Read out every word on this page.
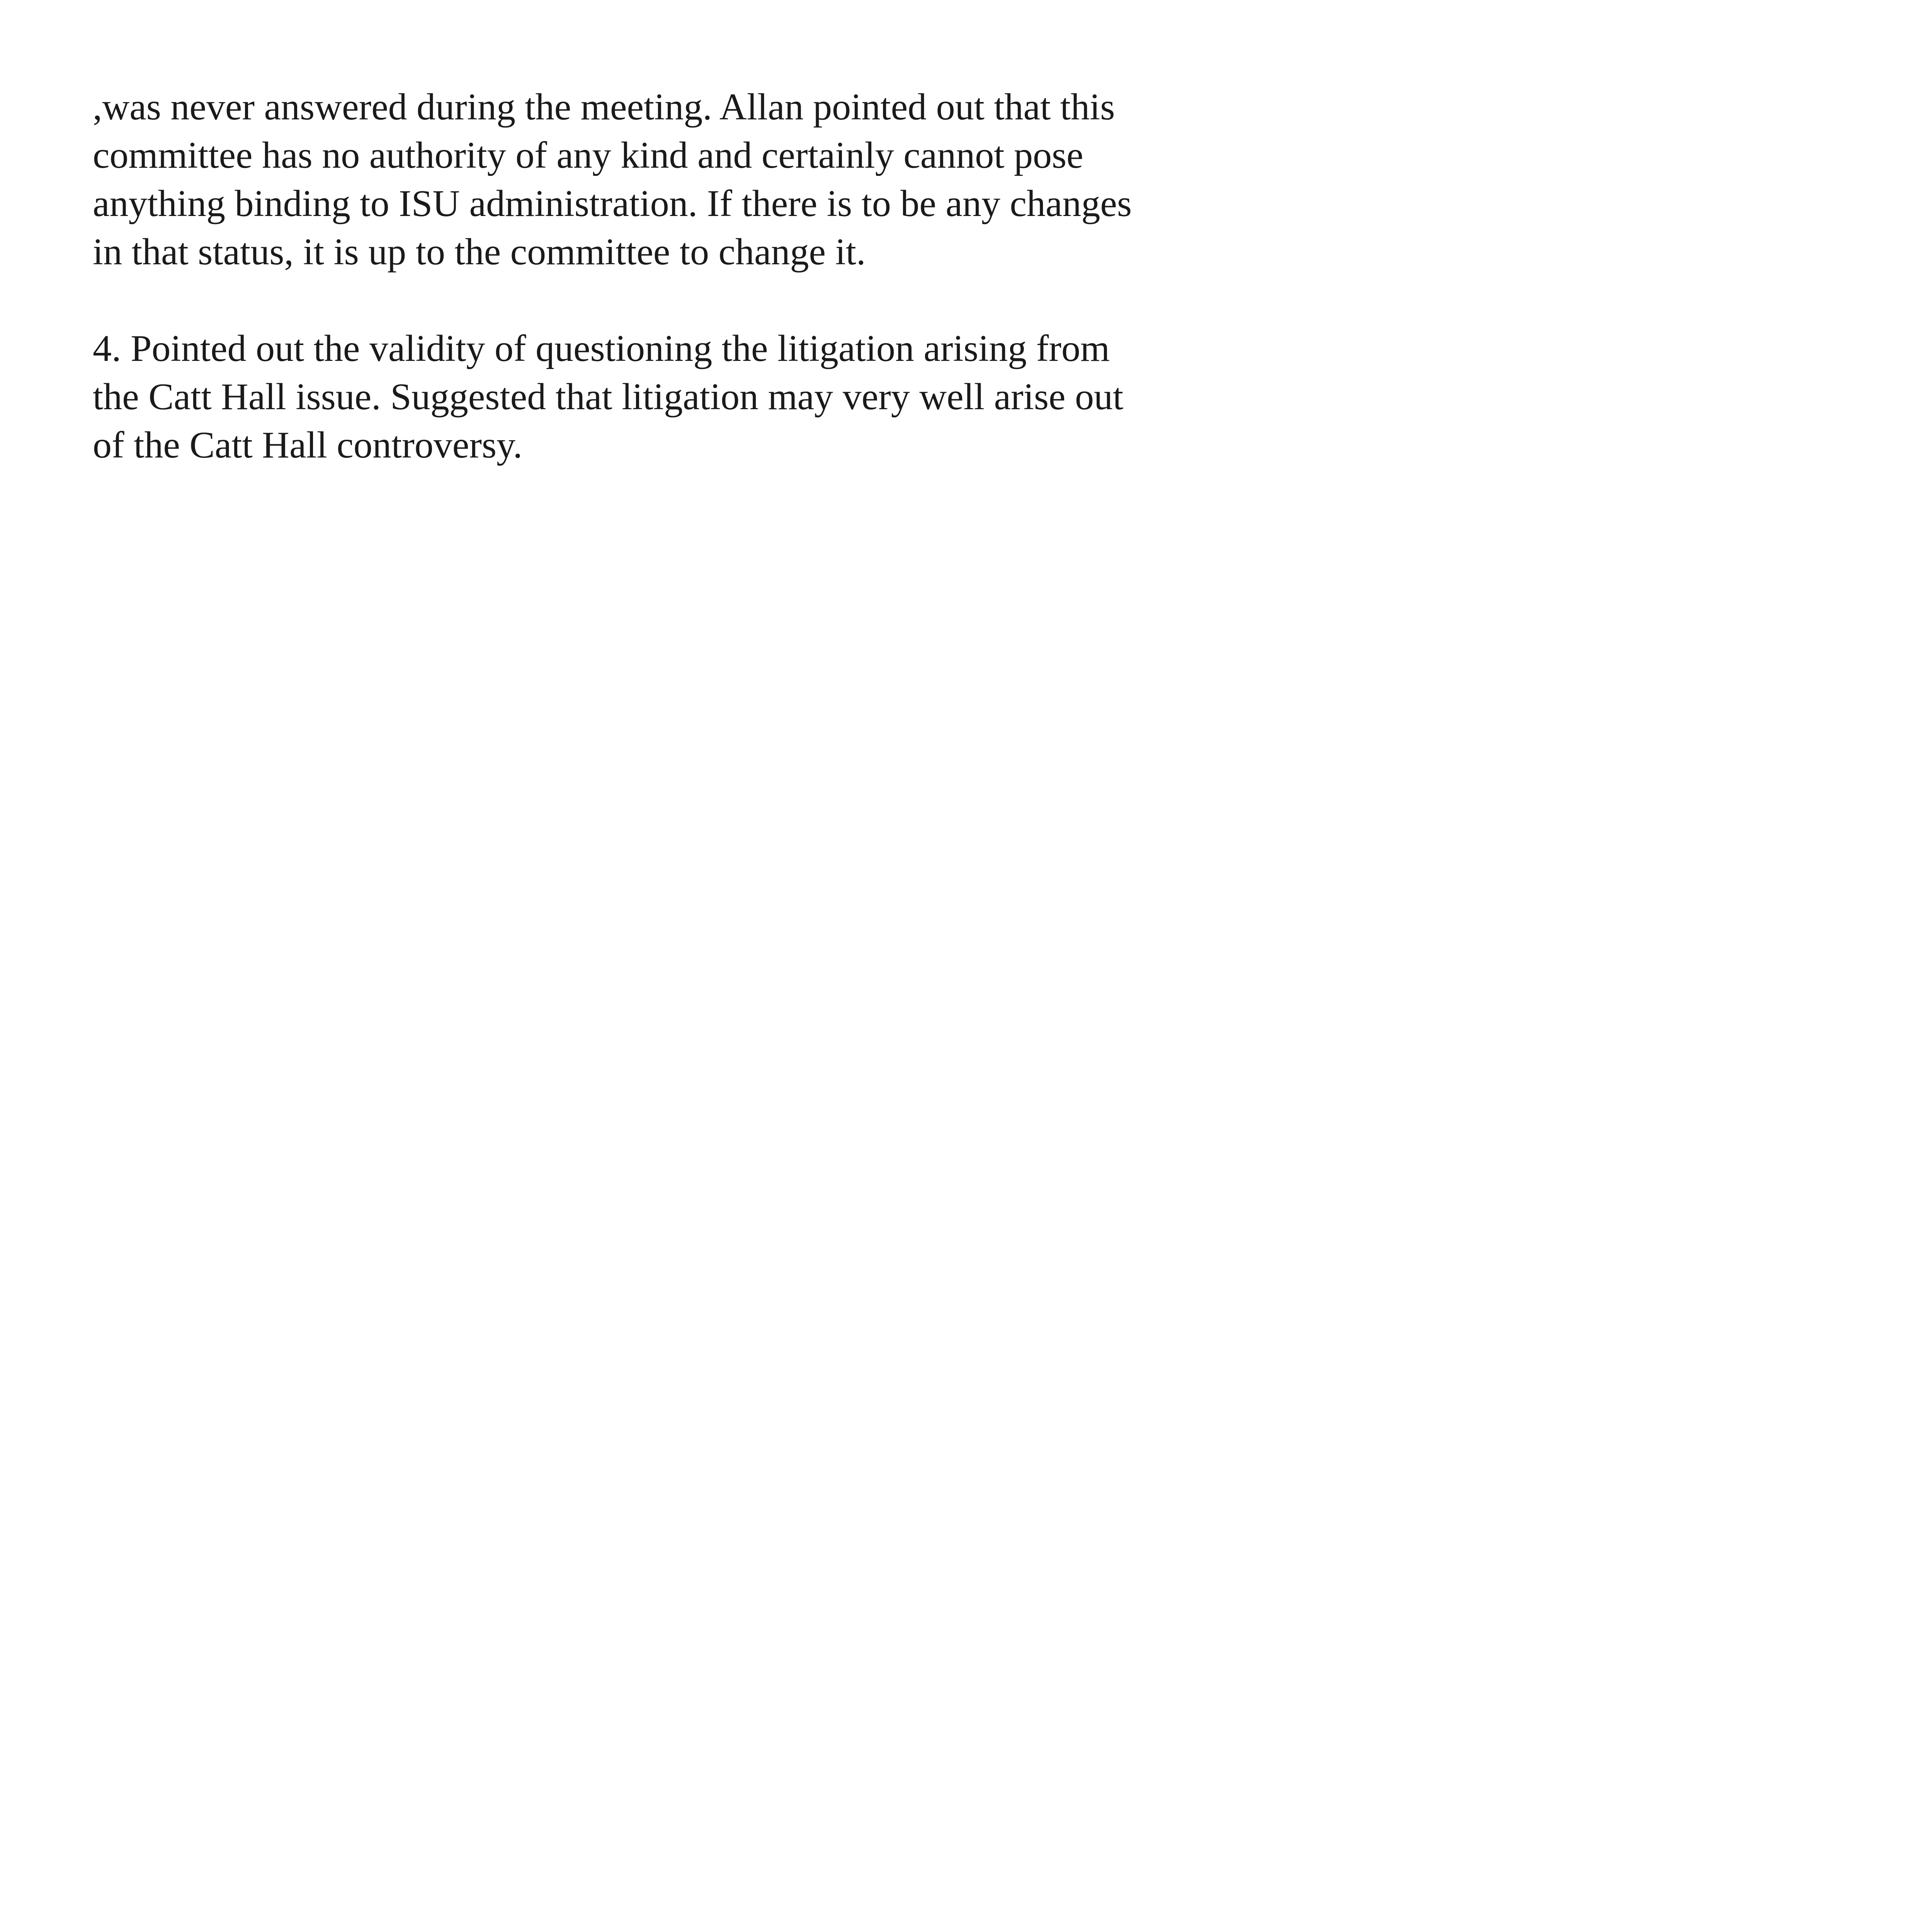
,was never answered during the meeting. Allan pointed out that this
committee has no authority of any kind and certainly cannot pose
anything binding to ISU administration. If there is to be any changes
in that status, it is up to the committee to change it.

4. Pointed out the validity of questioning the litigation arising from
the Catt Hall issue. Suggested that litigation may very well arise out
of the Catt Hall controversy.
